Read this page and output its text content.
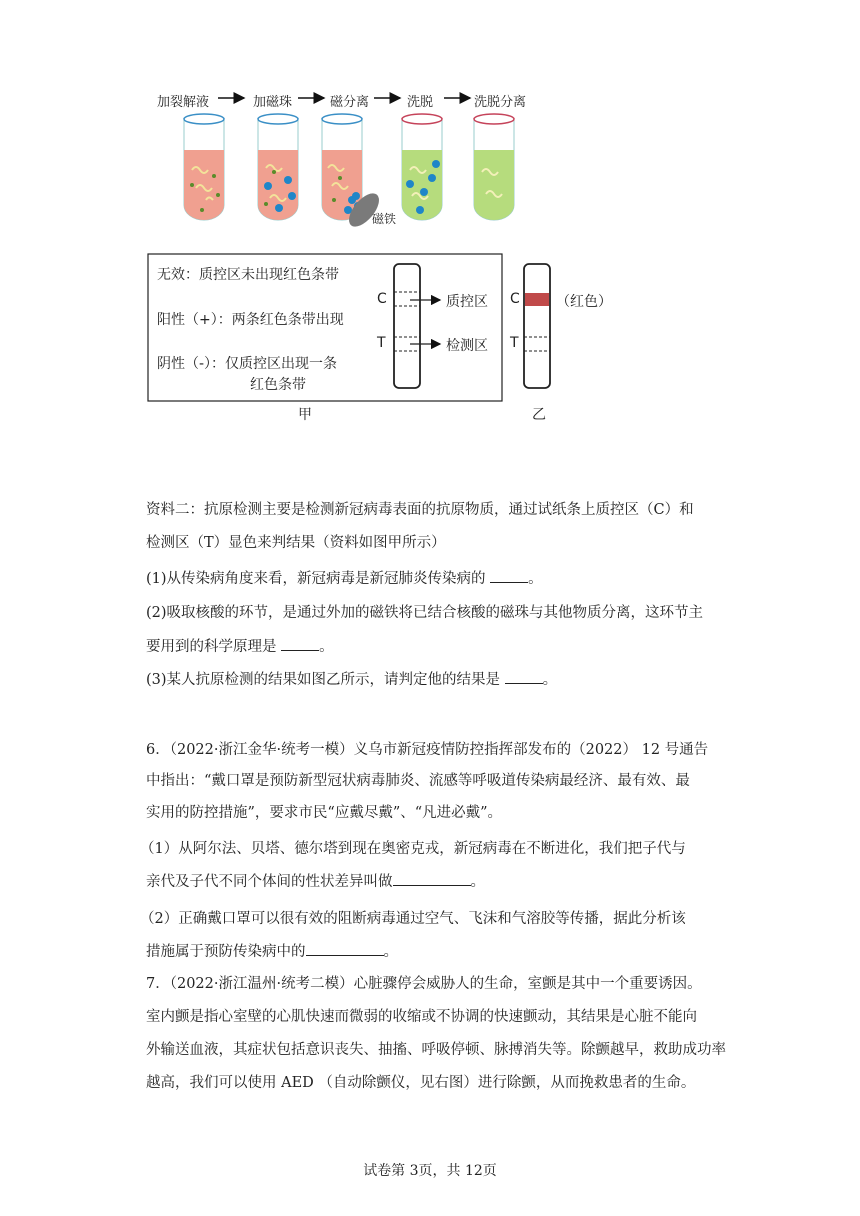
加裂解液	加磁珠	磁分离	洗脱	洗脱分离
磁铁
无效：质控区未出现红色条带
阳性（+）：两条红色条带出现
阴性（-）：仅质控区出现一条
红色条带
C
T
质控区
检测区
C
T
（红色）
甲	乙
资料二：抗原检测主要是检测新冠病毒表面的抗原物质，通过试纸条上质控区（C）和
检测区（T）显色来判结果（资料如图甲所示）
(1)从传染病角度来看，新冠病毒是新冠肺炎传染病的	。
(2)吸取核酸的环节，是通过外加的磁铁将已结合核酸的磁珠与其他物质分离，这环节主
要用到的科学原理是	。
(3)某人抗原检测的结果如图乙所示，请判定他的结果是	。
6．（2022·浙江金华·统考一模）义乌市新冠疫情防控指挥部发布的（2022） 12 号通告
中指出：“戴口罩是预防新型冠状病毒肺炎、流感等呼吸道传染病最经济、最有效、最
实用的防控措施”，要求市民“应戴尽戴”、“凡进必戴”。
（1）从阿尔法、贝塔、德尔塔到现在奥密克戎，新冠病毒在不断进化，我们把子代与
亲代及子代不同个体间的性状差异叫做	。
（2）正确戴口罩可以很有效的阻断病毒通过空气、飞沫和气溶胶等传播，据此分析该
措施属于预防传染病中的	。
7．（2022·浙江温州·统考二模）心脏骤停会威胁人的生命，室颤是其中一个重要诱因。
室内颤是指心室壁的心肌快速而微弱的收缩或不协调的快速颤动，其结果是心脏不能向
外输送血液，其症状包括意识丧失、抽搐、呼吸停顿、脉搏消失等。除颤越早，救助成功率
越高，我们可以使用 AED （自动除颤仪，见右图）进行除颤，从而挽救患者的生命。
试卷第 3页，共 12页
